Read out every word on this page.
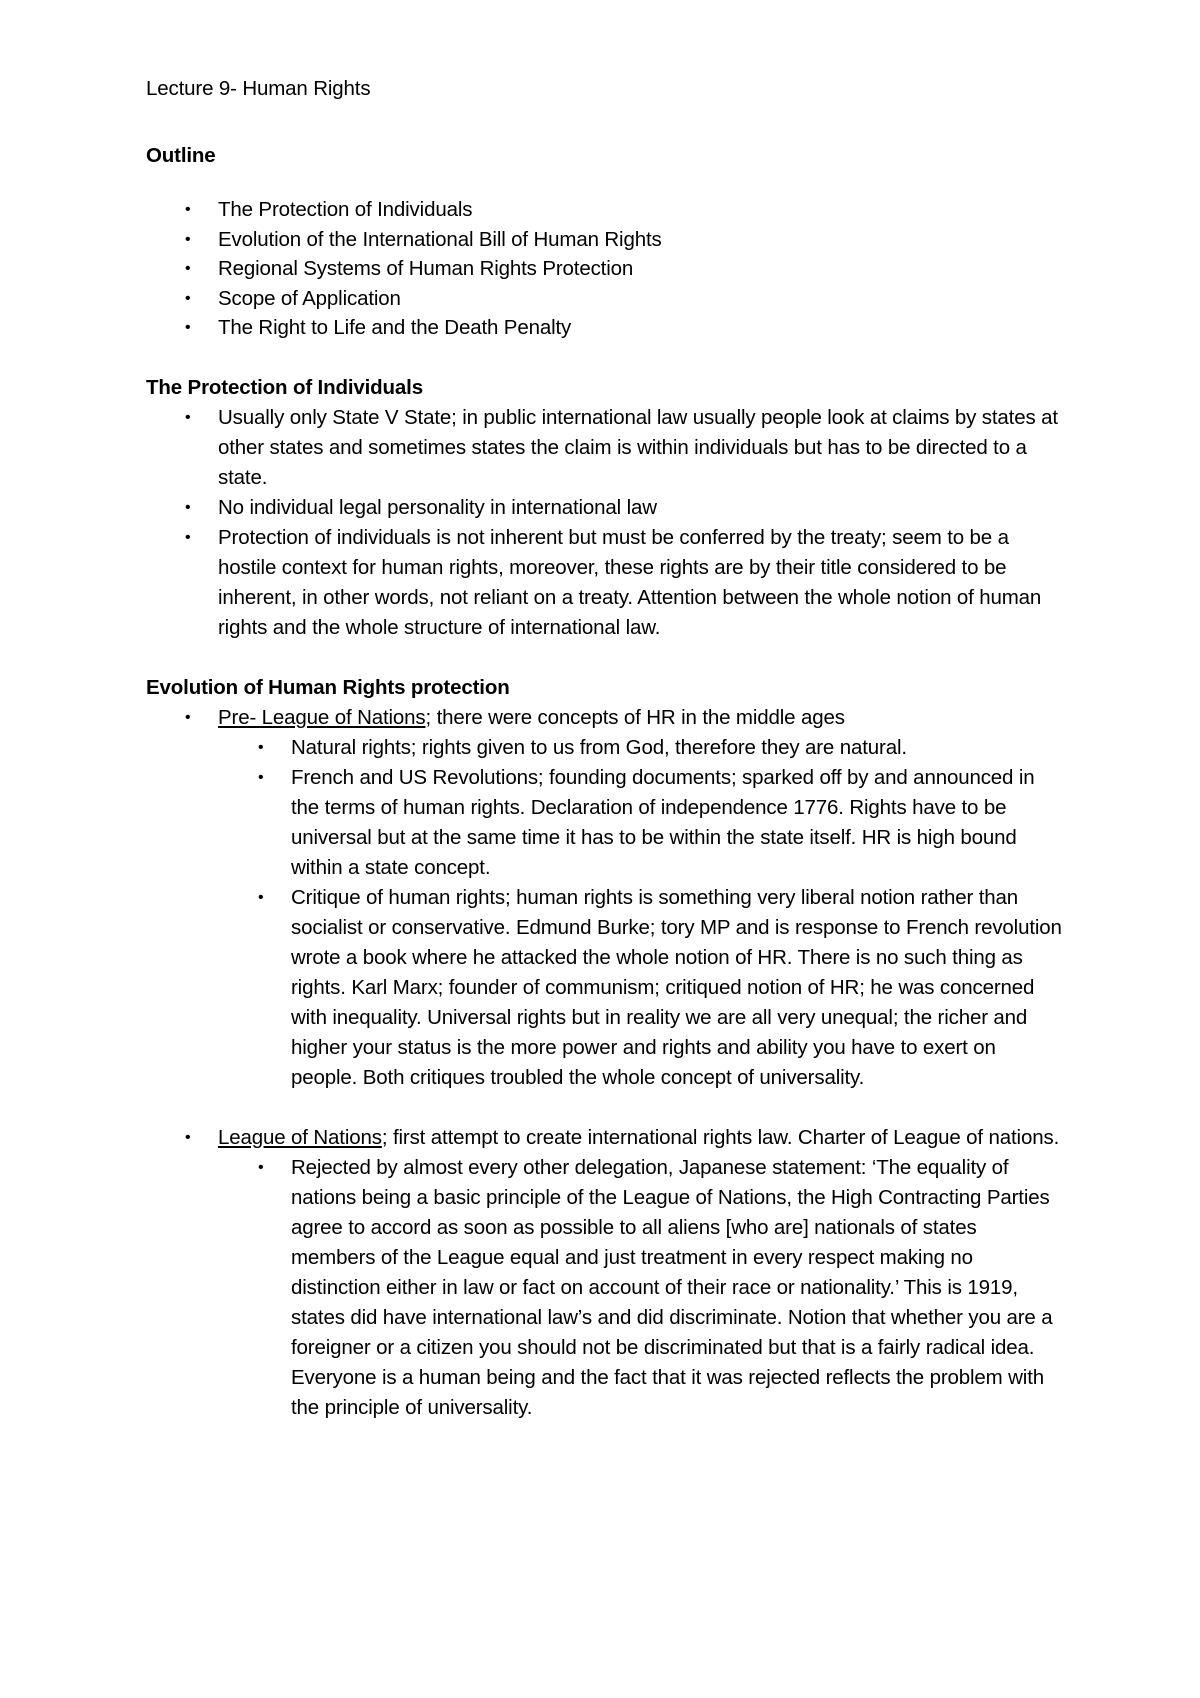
Lecture 9- Human Rights
Outline
• The Protection of Individuals
• Evolution of the International Bill of Human Rights
• Regional Systems of Human Rights Protection
• Scope of Application
• The Right to Life and the Death Penalty
The Protection of Individuals
• Usually only State V State; in public international law usually people look at claims by states at other states and sometimes states the claim is within individuals but has to be directed to a state.
• No individual legal personality in international law
• Protection of individuals is not inherent but must be conferred by the treaty; seem to be a hostile context for human rights, moreover, these rights are by their title considered to be inherent, in other words, not reliant on a treaty. Attention between the whole notion of human rights and the whole structure of international law.
Evolution of Human Rights protection
• Pre- League of Nations; there were concepts of HR in the middle ages
• Natural rights; rights given to us from God, therefore they are natural.
• French and US Revolutions; founding documents; sparked off by and announced in the terms of human rights. Declaration of independence 1776. Rights have to be universal but at the same time it has to be within the state itself. HR is high bound within a state concept.
• Critique of human rights; human rights is something very liberal notion rather than socialist or conservative. Edmund Burke; tory MP and is response to French revolution wrote a book where he attacked the whole notion of HR. There is no such thing as rights. Karl Marx; founder of communism; critiqued notion of HR; he was concerned with inequality. Universal rights but in reality we are all very unequal; the richer and higher your status is the more power and rights and ability you have to exert on people. Both critiques troubled the whole concept of universality.
• League of Nations; first attempt to create international rights law. Charter of League of nations.
• Rejected by almost every other delegation, Japanese statement: ‘The equality of nations being a basic principle of the League of Nations, the High Contracting Parties agree to accord as soon as possible to all aliens [who are] nationals of states members of the League equal and just treatment in every respect making no distinction either in law or fact on account of their race or nationality.’ This is 1919, states did have international law’s and did discriminate. Notion that whether you are a foreigner or a citizen you should not be discriminated but that is a fairly radical idea. Everyone is a human being and the fact that it was rejected reflects the problem with the principle of universality.
